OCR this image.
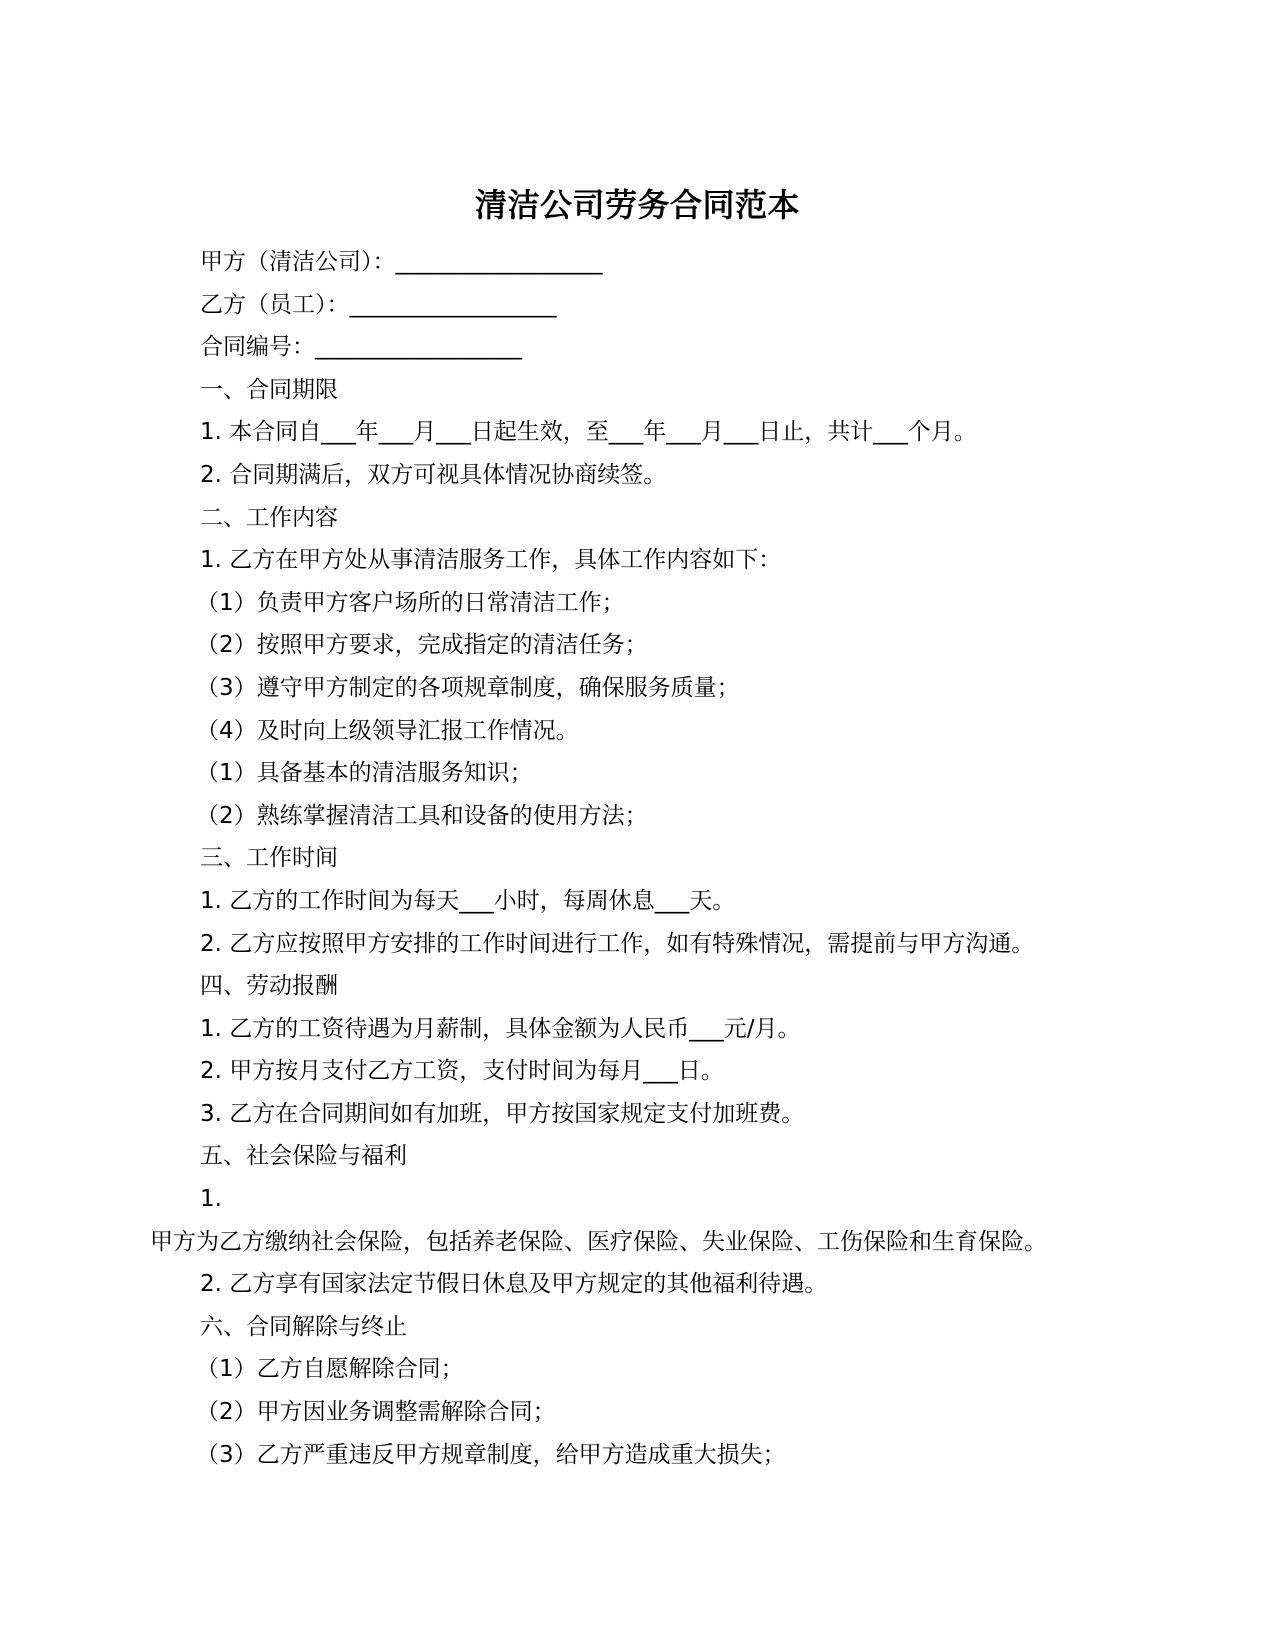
清洁公司劳务合同范本
甲方（清洁公司）：__________________
乙方（员工）：__________________
合同编号：__________________
一、合同期限
1. 本合同自___年___月___日起生效，至___年___月___日止，共计___个月。
2. 合同期满后，双方可视具体情况协商续签。
二、工作内容
1. 乙方在甲方处从事清洁服务工作，具体工作内容如下：
（1）负责甲方客户场所的日常清洁工作；
（2）按照甲方要求，完成指定的清洁任务；
（3）遵守甲方制定的各项规章制度，确保服务质量；
（4）及时向上级领导汇报工作情况。
（1）具备基本的清洁服务知识；
（2）熟练掌握清洁工具和设备的使用方法；
三、工作时间
1. 乙方的工作时间为每天___小时，每周休息___天。
2. 乙方应按照甲方安排的工作时间进行工作，如有特殊情况，需提前与甲方沟通。
四、劳动报酬
1. 乙方的工资待遇为月薪制，具体金额为人民币___元/月。
2. 甲方按月支付乙方工资，支付时间为每月___日。
3. 乙方在合同期间如有加班，甲方按国家规定支付加班费。
五、社会保险与福利
1.
甲方为乙方缴纳社会保险，包括养老保险、医疗保险、失业保险、工伤保险和生育保险。
2. 乙方享有国家法定节假日休息及甲方规定的其他福利待遇。
六、合同解除与终止
（1）乙方自愿解除合同；
（2）甲方因业务调整需解除合同；
（3）乙方严重违反甲方规章制度，给甲方造成重大损失；
